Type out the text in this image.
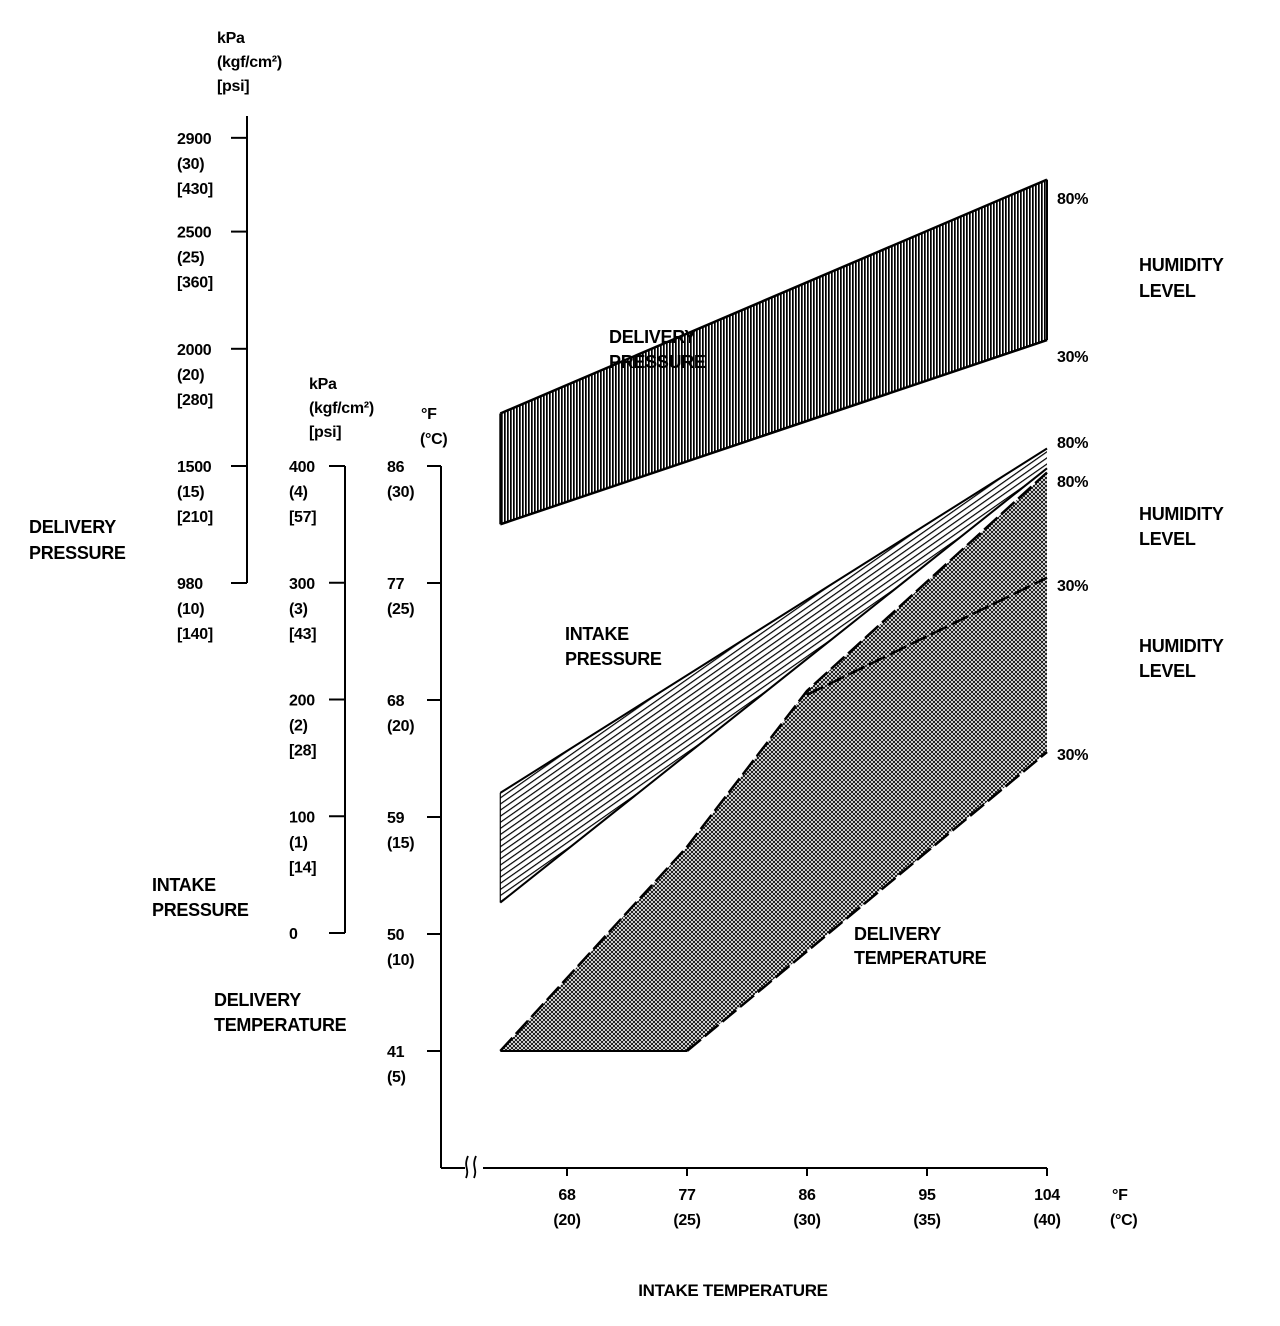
68
(20)
77
(25)
86
(30)
95
(35)
104
(40)
°F
(°C)
INTAKE TEMPERATURE
2900
(30)
[430]
2500
(25)
[360]
2000
(20)
[280]
1500
(15)
[210]
980
(10)
[140]
400
(4)
[57]
300
(3)
[43]
200
(2)
[28]
100
(1)
[14]
0
86
(30)
77
(25)
68
(20)
59
(15)
50
(10)
41
(5)
kPa
(kgf/cm²)
[psi]
kPa
(kgf/cm²)
[psi]
°F
(°C)
DELIVERY
PRESSURE
INTAKE
PRESSURE
DELIVERY
TEMPERATURE
DELIVERY
PRESSURE
INTAKE
PRESSURE
DELIVERY
TEMPERATURE
80%
30%
80%
80%
30%
30%
HUMIDITY
LEVEL
HUMIDITY
LEVEL
HUMIDITY
LEVEL
